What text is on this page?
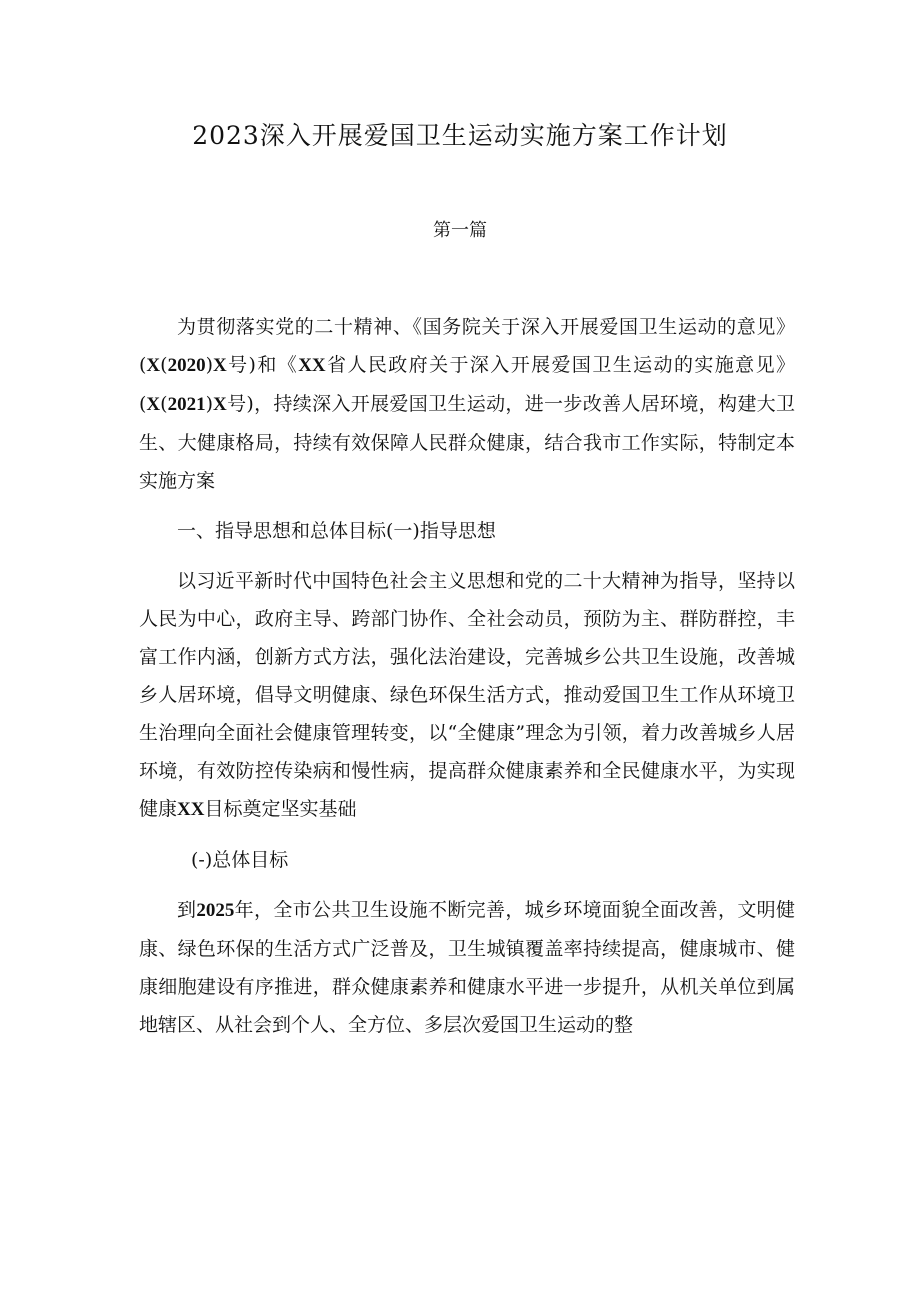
2023深入开展爱国卫生运动实施方案工作计划
第一篇

为贯彻落实党的二十精神、《国务院关于深入开展爱国卫生运动的意见》(X(2020)X号)和《XX省人民政府关于深入开展爱国卫生运动的实施意见》(X(2021)X号)，持续深入开展爱国卫生运动，进一步改善人居环境，构建大卫生、大健康格局，持续有效保障人民群众健康，结合我市工作实际，特制定本实施方案

一、指导思想和总体目标(一)指导思想

以习近平新时代中国特色社会主义思想和党的二十大精神为指导，坚持以人民为中心，政府主导、跨部门协作、全社会动员，预防为主、群防群控，丰富工作内涵，创新方式方法，强化法治建设，完善城乡公共卫生设施，改善城乡人居环境，倡导文明健康、绿色环保生活方式，推动爱国卫生工作从环境卫生治理向全面社会健康管理转变，以“全健康”理念为引领，着力改善城乡人居环境，有效防控传染病和慢性病，提高群众健康素养和全民健康水平，为实现健康XX目标奠定坚实基础

(-)总体目标

到2025年，全市公共卫生设施不断完善，城乡环境面貌全面改善，文明健康、绿色环保的生活方式广泛普及，卫生城镇覆盖率持续提高，健康城市、健康细胞建设有序推进，群众健康素养和健康水平进一步提升，从机关单位到属地辖区、从社会到个人、全方位、多层次爱国卫生运动的整
